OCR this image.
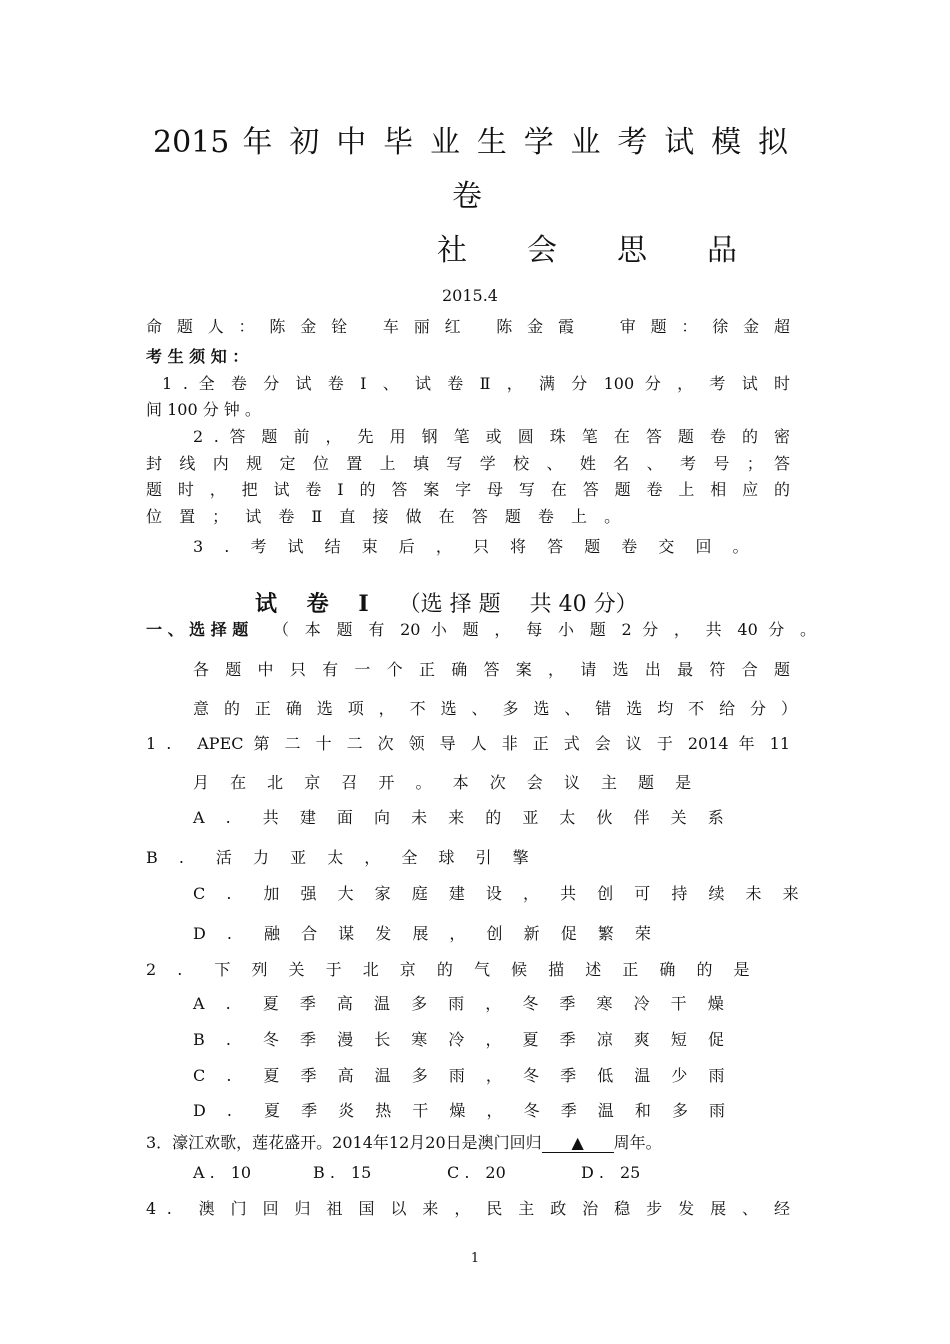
2015 年 初 中 毕 业 生 学 业 考 试 模 拟
卷
社　　会　　思　　品
2015.4
命 题 人 ： 陈 金 铨 　车 丽 红 　陈 金 霞 　 审 题 ： 徐 金 超
考 生 须 知 ：
1 . 全 卷 分 试 卷 Ⅰ 、 试 卷 Ⅱ ， 满 分 100 分 ， 考 试 时
间 100 分 钟 。
2 . 答 题 前 ， 先 用 钢 笔 或 圆 珠 笔 在 答 题 卷 的 密
封 线 内 规 定 位 置 上 填 写 学 校 、 姓 名 、 考 号 ； 答
题 时 ， 把 试 卷 Ⅰ 的 答 案 字 母 写 在 答 题 卷 上 相 应 的
位 置 ； 试 卷 Ⅱ 直 接 做 在 答 题 卷 上 。
3 . 考 试 结 束 后 ， 只 将 答 题 卷 交 回 。
试　 卷　 Ⅰ （选 择 题　 共 40 分）
一 、 选 择 题 （ 本 题 有 20 小 题 ， 每 小 题 2 分 ， 共 40 分 。
各 题 中 只 有 一 个 正 确 答 案 ， 请 选 出 最 符 合 题
意 的 正 确 选 项 ， 不 选 、 多 选 、 错 选 均 不 给 分 ）
1 .　APEC 第 二 十 二 次 领 导 人 非 正 式 会 议 于 2014 年 11
月 在 北 京 召 开 。 本 次 会 议 主 题 是
A .　共 建 面 向 未 来 的 亚 太 伙 伴 关 系
B .　活 力 亚 太 ， 全 球 引 擎
C .　加 强 大 家 庭 建 设 ， 共 创 可 持 续 未 来
D .　融 合 谋 发 展 ， 创 新 促 繁 荣
2 .　下 列 关 于 北 京 的 气 候 描 述 正 确 的 是
A .　夏 季 高 温 多 雨 ， 冬 季 寒 冷 干 燥
B .　冬 季 漫 长 寒 冷 ， 夏 季 凉 爽 短 促
C .　夏 季 高 温 多 雨 ， 冬 季 低 温 少 雨
D .　夏 季 炎 热 干 燥 ， 冬 季 温 和 多 雨
3．濠江欢歌，莲花盛开。2014年12月20日是澳门回归 ▲ 周年。
A .　10	B .　15	C .　20	D .　25
4 .　澳 门 回 归 祖 国 以 来 ， 民 主 政 治 稳 步 发 展 、 经
1
